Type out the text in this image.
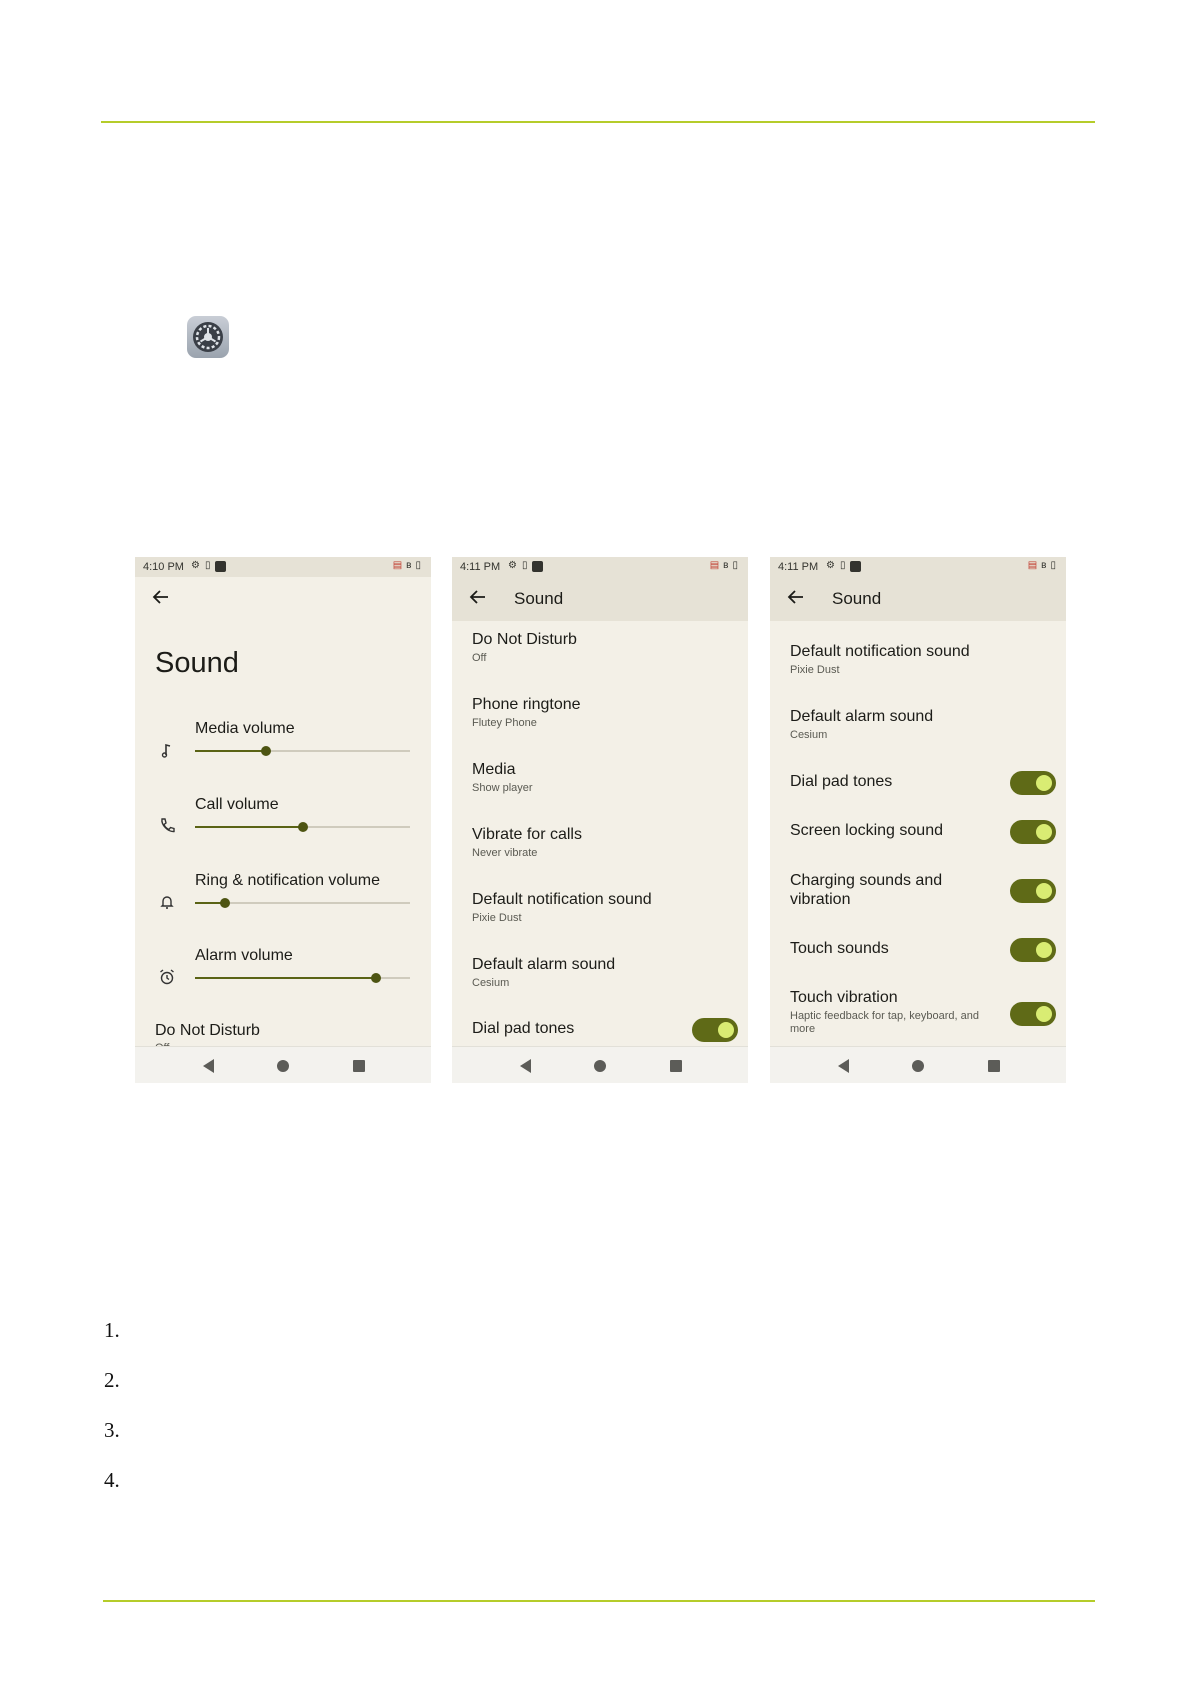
4:10 PM ⚙ ▯	▤ ʙ ▯
Sound
Media volume
Call volume
Ring & notification volume
Alarm volume
Do Not Disturb
4:11 PM ⚙ ▯	▤ ʙ ▯
Sound
Do Not Disturb
Off
Phone ringtone
Flutey Phone
Media
Show player
Vibrate for calls
Never vibrate
Default notification sound
Pixie Dust
Default alarm sound
Cesium
Dial pad tones
4:11 PM ⚙ ▯	▤ ʙ ▯
Sound
Default notification sound
Pixie Dust
Default alarm sound
Cesium
Dial pad tones
Screen locking sound
Charging sounds and vibration
Touch sounds
Touch vibration
Haptic feedback for tap, keyboard, and more
1.
2.
3.
4.
